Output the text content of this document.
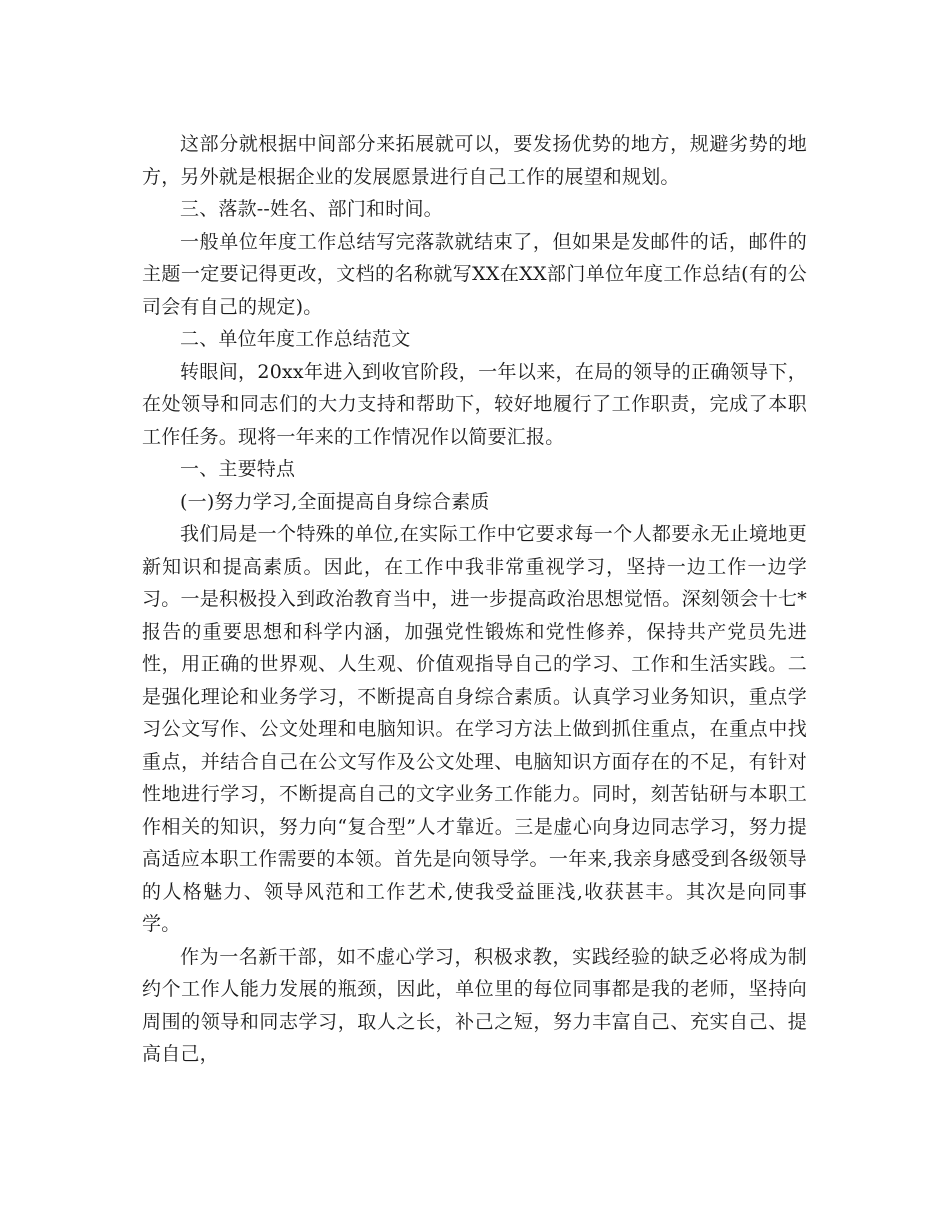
这部分就根据中间部分来拓展就可以，要发扬优势的地方，规避劣势的地方，另外就是根据企业的发展愿景进行自己工作的展望和规划。

三、落款--姓名、部门和时间。

一般单位年度工作总结写完落款就结束了，但如果是发邮件的话，邮件的主题一定要记得更改，文档的名称就写XX在XX部门单位年度工作总结(有的公司会有自己的规定)。

二、单位年度工作总结范文

转眼间，20xx年进入到收官阶段，一年以来，在局的领导的正确领导下，在处领导和同志们的大力支持和帮助下，较好地履行了工作职责，完成了本职工作任务。现将一年来的工作情况作以简要汇报。

一、主要特点

(一)努力学习,全面提高自身综合素质

我们局是一个特殊的单位,在实际工作中它要求每一个人都要永无止境地更新知识和提高素质。因此，在工作中我非常重视学习，坚持一边工作一边学习。一是积极投入到政治教育当中，进一步提高政治思想觉悟。深刻领会十七*报告的重要思想和科学内涵，加强党性锻炼和党性修养，保持共产党员先进性，用正确的世界观、人生观、价值观指导自己的学习、工作和生活实践。二是强化理论和业务学习，不断提高自身综合素质。认真学习业务知识，重点学习公文写作、公文处理和电脑知识。在学习方法上做到抓住重点，在重点中找重点，并结合自己在公文写作及公文处理、电脑知识方面存在的不足，有针对性地进行学习，不断提高自己的文字业务工作能力。同时，刻苦钻研与本职工作相关的知识，努力向“复合型”人才靠近。三是虚心向身边同志学习，努力提高适应本职工作需要的本领。首先是向领导学。一年来,我亲身感受到各级领导的人格魅力、领导风范和工作艺术,使我受益匪浅,收获甚丰。其次是向同事学。

作为一名新干部，如不虚心学习，积极求教，实践经验的缺乏必将成为制约个工作人能力发展的瓶颈，因此，单位里的每位同事都是我的老师，坚持向周围的领导和同志学习，取人之长，补己之短，努力丰富自己、充实自己、提高自己，
